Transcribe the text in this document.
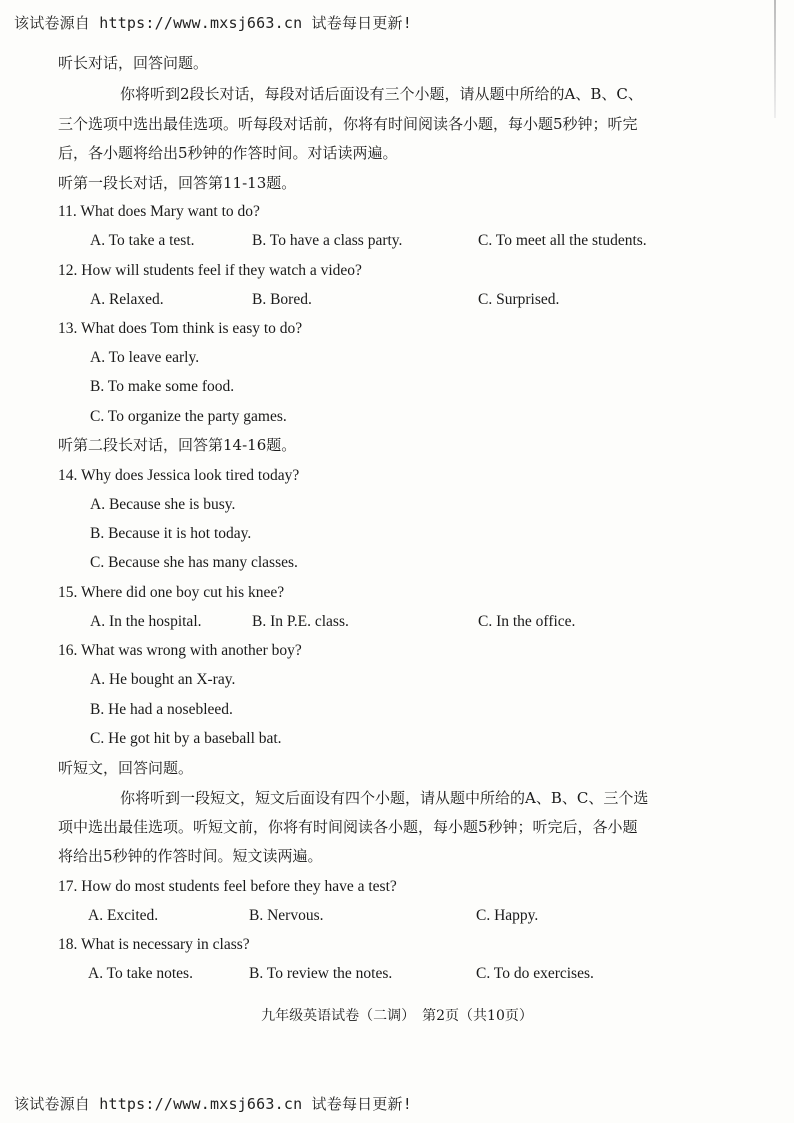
该试卷源自 https://www.mxsj663.cn 试卷每日更新!
听长对话，回答问题。
你将听到2段长对话，每段对话后面设有三个小题，请从题中所给的A、B、C、
三个选项中选出最佳选项。听每段对话前，你将有时间阅读各小题，每小题5秒钟；听完
后，各小题将给出5秒钟的作答时间。对话读两遍。
听第一段长对话，回答第11-13题。
11. What does Mary want to do?
A. To take a test.	B. To have a class party.	C. To meet all the students.
12. How will students feel if they watch a video?
A. Relaxed.	B. Bored.	C. Surprised.
13. What does Tom think is easy to do?
A. To leave early.
B. To make some food.
C. To organize the party games.
听第二段长对话，回答第14-16题。
14. Why does Jessica look tired today?
A. Because she is busy.
B. Because it is hot today.
C. Because she has many classes.
15. Where did one boy cut his knee?
A. In the hospital.	B. In P.E. class.	C. In the office.
16. What was wrong with another boy?
A. He bought an X-ray.
B. He had a nosebleed.
C. He got hit by a baseball bat.
听短文，回答问题。
你将听到一段短文，短文后面设有四个小题，请从题中所给的A、B、C、三个选
项中选出最佳选项。听短文前，你将有时间阅读各小题，每小题5秒钟；听完后，各小题
将给出5秒钟的作答时间。短文读两遍。
17. How do most students feel before they have a test?
A. Excited.	B. Nervous.	C. Happy.
18. What is necessary in class?
A. To take notes.	B. To review the notes.	C. To do exercises.
九年级英语试卷（二调）　第2页（共10页）
该试卷源自 https://www.mxsj663.cn 试卷每日更新!
